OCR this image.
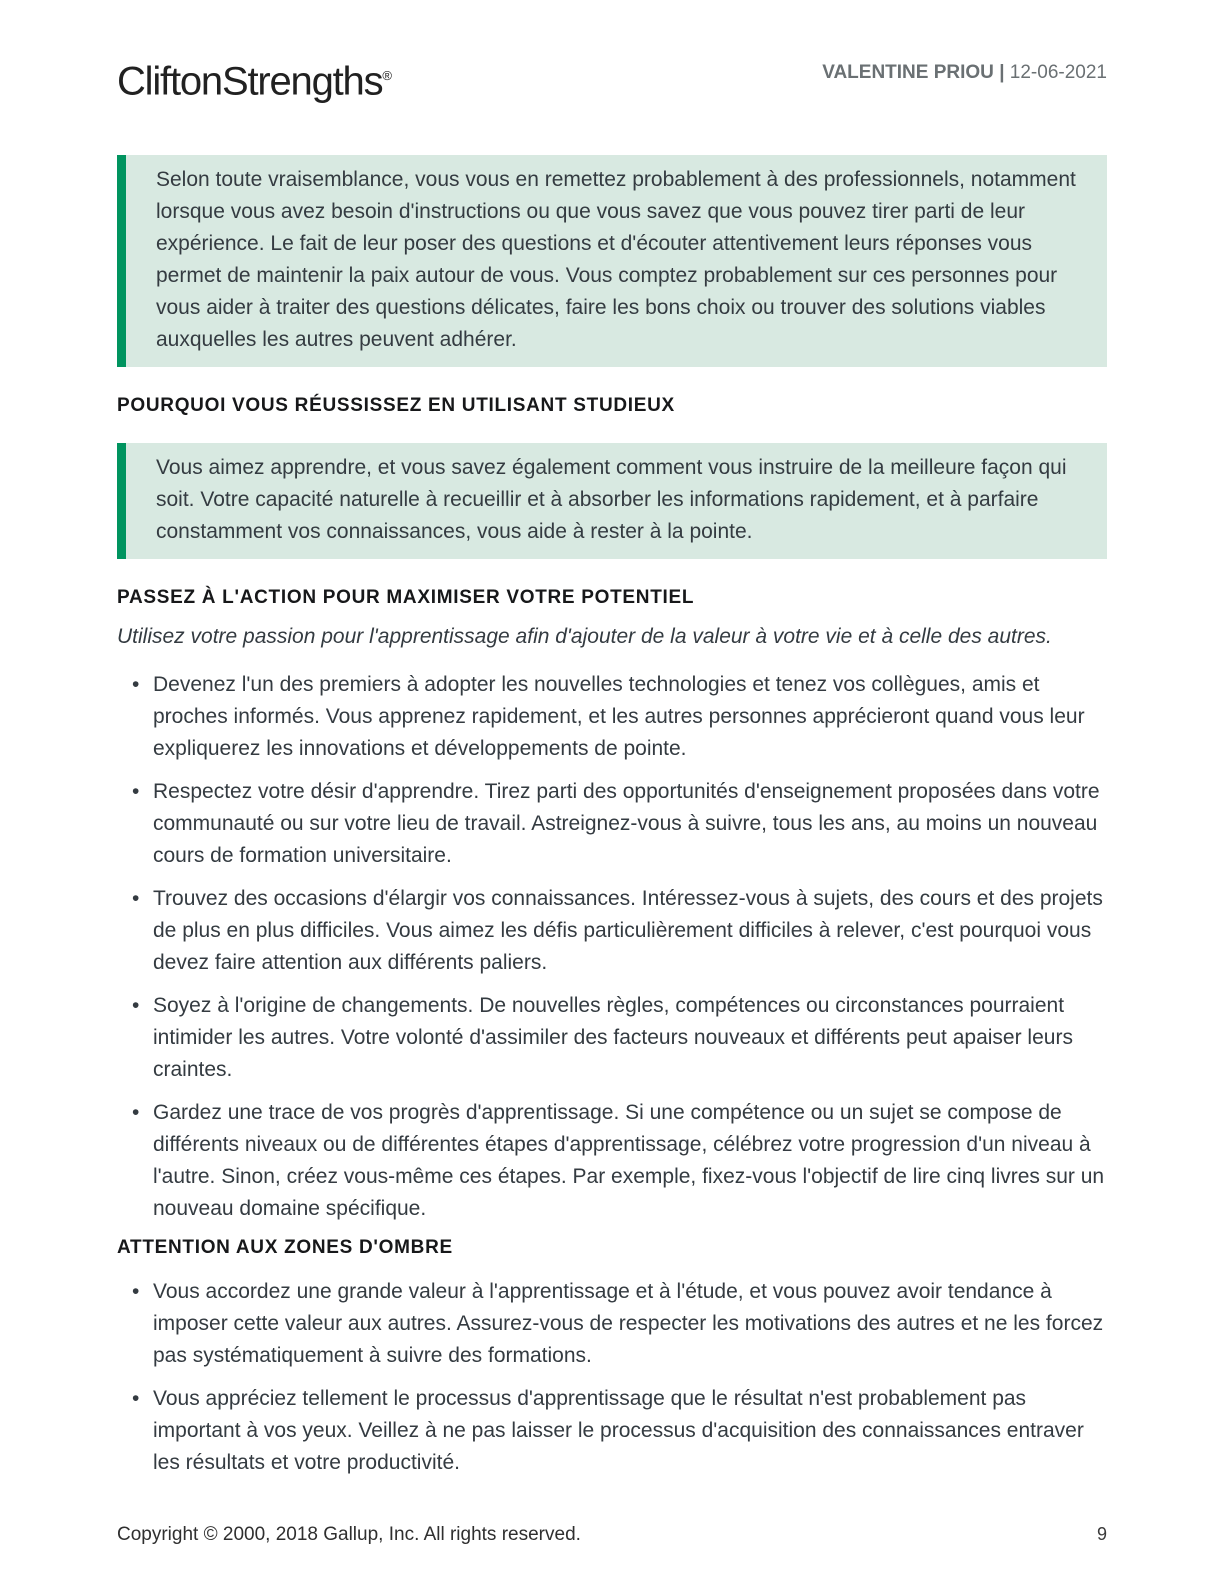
CliftonStrengths®	VALENTINE PRIOU | 12-06-2021
Selon toute vraisemblance, vous vous en remettez probablement à des professionnels, notamment lorsque vous avez besoin d'instructions ou que vous savez que vous pouvez tirer parti de leur expérience. Le fait de leur poser des questions et d'écouter attentivement leurs réponses vous permet de maintenir la paix autour de vous. Vous comptez probablement sur ces personnes pour vous aider à traiter des questions délicates, faire les bons choix ou trouver des solutions viables auxquelles les autres peuvent adhérer.
POURQUOI VOUS RÉUSSISSEZ EN UTILISANT STUDIEUX
Vous aimez apprendre, et vous savez également comment vous instruire de la meilleure façon qui soit. Votre capacité naturelle à recueillir et à absorber les informations rapidement, et à parfaire constamment vos connaissances, vous aide à rester à la pointe.
PASSEZ À L'ACTION POUR MAXIMISER VOTRE POTENTIEL
Utilisez votre passion pour l'apprentissage afin d'ajouter de la valeur à votre vie et à celle des autres.
• Devenez l'un des premiers à adopter les nouvelles technologies et tenez vos collègues, amis et proches informés. Vous apprenez rapidement, et les autres personnes apprécieront quand vous leur expliquerez les innovations et développements de pointe.
• Respectez votre désir d'apprendre. Tirez parti des opportunités d'enseignement proposées dans votre communauté ou sur votre lieu de travail. Astreignez-vous à suivre, tous les ans, au moins un nouveau cours de formation universitaire.
• Trouvez des occasions d'élargir vos connaissances. Intéressez-vous à sujets, des cours et des projets de plus en plus difficiles. Vous aimez les défis particulièrement difficiles à relever, c'est pourquoi vous devez faire attention aux différents paliers.
• Soyez à l'origine de changements. De nouvelles règles, compétences ou circonstances pourraient intimider les autres. Votre volonté d'assimiler des facteurs nouveaux et différents peut apaiser leurs craintes.
• Gardez une trace de vos progrès d'apprentissage. Si une compétence ou un sujet se compose de différents niveaux ou de différentes étapes d'apprentissage, célébrez votre progression d'un niveau à l'autre. Sinon, créez vous-même ces étapes. Par exemple, fixez-vous l'objectif de lire cinq livres sur un nouveau domaine spécifique.
ATTENTION AUX ZONES D'OMBRE
• Vous accordez une grande valeur à l'apprentissage et à l'étude, et vous pouvez avoir tendance à imposer cette valeur aux autres. Assurez-vous de respecter les motivations des autres et ne les forcez pas systématiquement à suivre des formations.
• Vous appréciez tellement le processus d'apprentissage que le résultat n'est probablement pas important à vos yeux. Veillez à ne pas laisser le processus d'acquisition des connaissances entraver les résultats et votre productivité.
Copyright © 2000, 2018 Gallup, Inc. All rights reserved.	9
